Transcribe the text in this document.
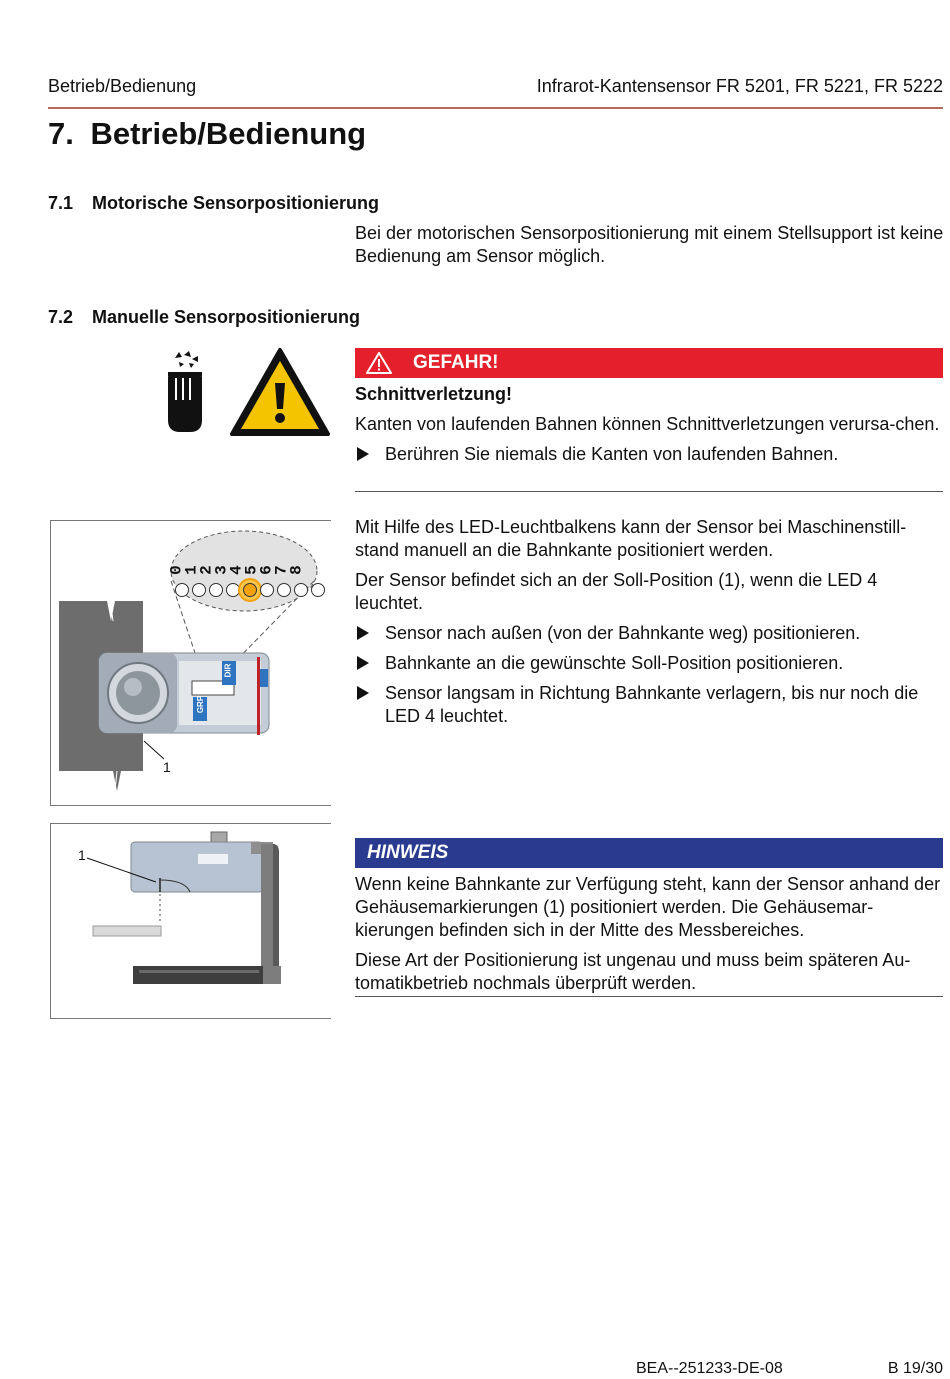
Betrieb/Bedienung	Infrarot-Kantensensor FR 5201, FR 5221, FR 5222
7. Betrieb/Bedienung
7.1 Motorische Sensorpositionierung
Bei der motorischen Sensorpositionierung mit einem Stellsupport ist keine Bedienung am Sensor möglich.
7.2 Manuelle Sensorpositionierung
GEFAHR!

Schnittverletzung!

Kanten von laufenden Bahnen können Schnittverletzungen verursa-chen.

Berühren Sie niemals die Kanten von laufenden Bahnen.
012345678
GRP
DIR
1

Mit Hilfe des LED-Leuchtbalkens kann der Sensor bei Maschinenstill-stand manuell an die Bahnkante positioniert werden.

Der Sensor befindet sich an der Soll-Position (1), wenn die LED 4 leuchtet.

Sensor nach außen (von der Bahnkante weg) positionieren.
Bahnkante an die gewünschte Soll-Position positionieren.
Sensor langsam in Richtung Bahnkante verlagern, bis nur noch die LED 4 leuchtet.
1	HINWEIS

Wenn keine Bahnkante zur Verfügung steht, kann der Sensor anhand der Gehäusemarkierungen (1) positioniert werden. Die Gehäusemar-kierungen befinden sich in der Mitte des Messbereiches.

Diese Art der Positionierung ist ungenau und muss beim späteren Au-tomatikbetrieb nochmals überprüft werden.

BEA--251233-DE-08	B 19/30
